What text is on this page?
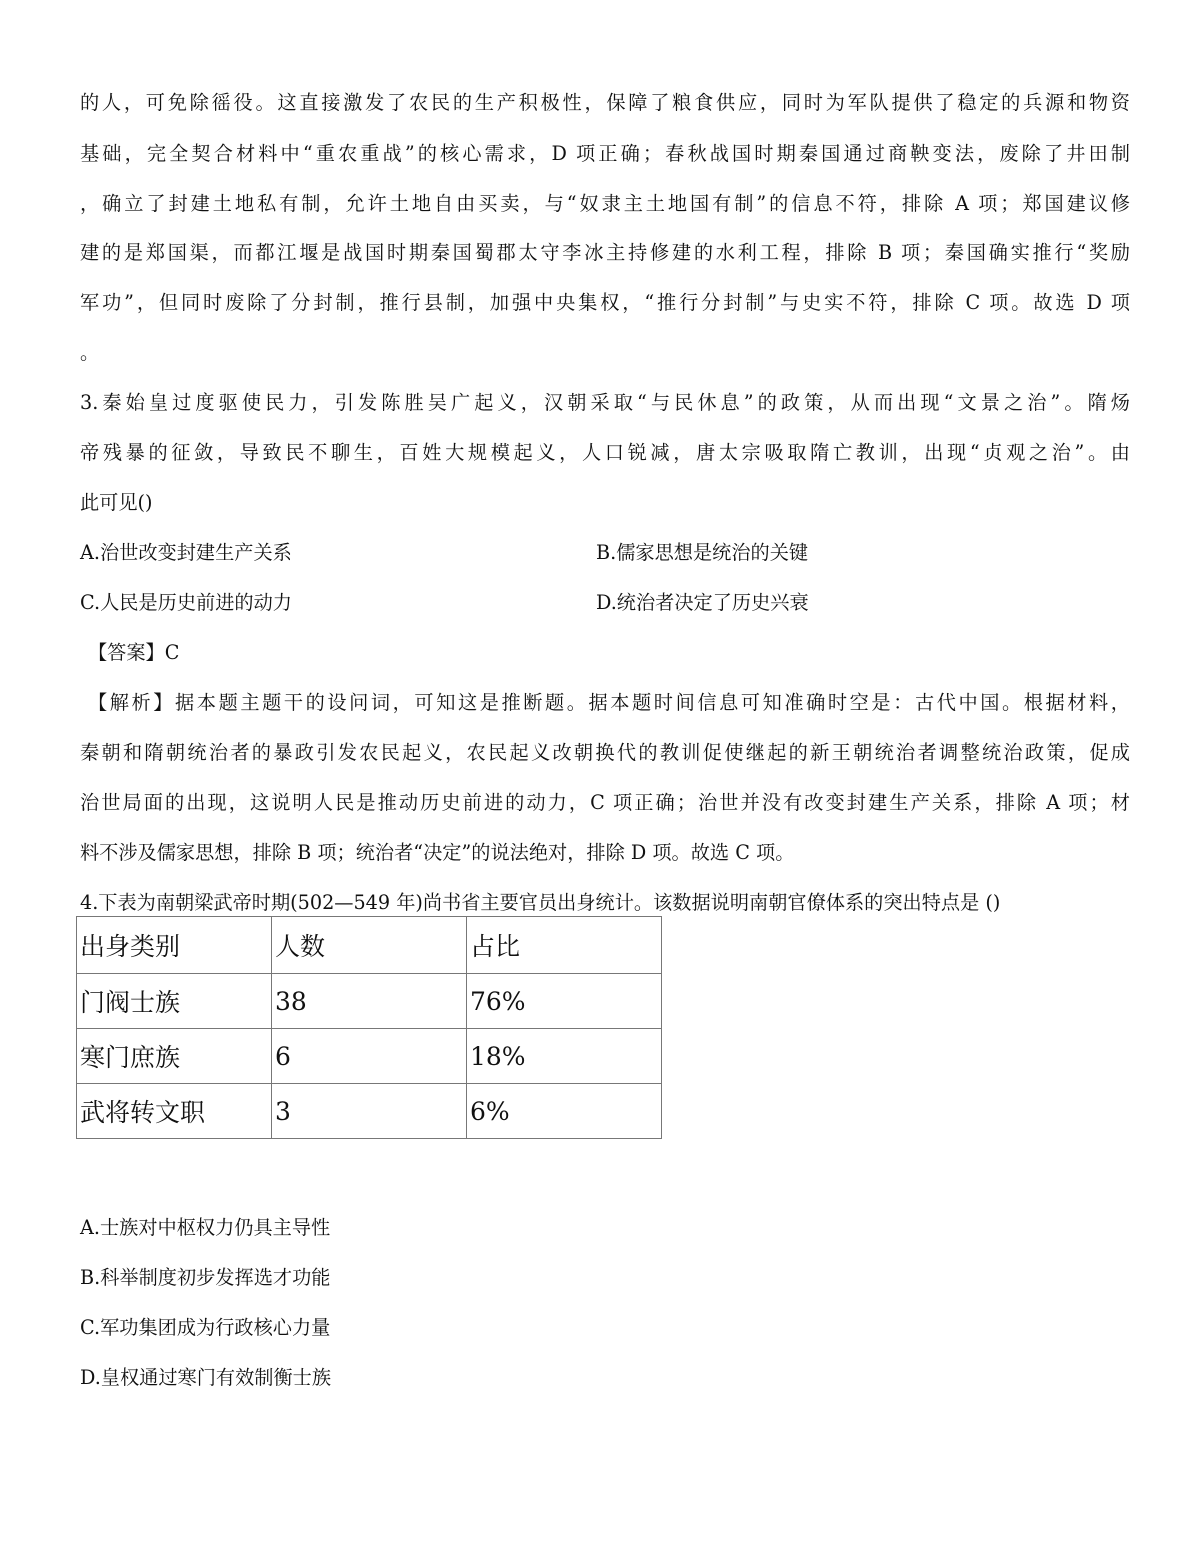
的人，可免除徭役。这直接激发了农民的生产积极性，保障了粮食供应，同时为军队提供了稳定的兵源和物资
基础，完全契合材料中“重农重战”的核心需求，D 项正确；春秋战国时期秦国通过商鞅变法，废除了井田制
，确立了封建土地私有制，允许土地自由买卖，与“奴隶主土地国有制”的信息不符，排除 A 项；郑国建议修
建的是郑国渠，而都江堰是战国时期秦国蜀郡太守李冰主持修建的水利工程，排除 B 项；秦国确实推行“奖励
军功”，但同时废除了分封制，推行县制，加强中央集权，“推行分封制”与史实不符，排除 C 项。故选 D 项
。
3.秦始皇过度驱使民力，引发陈胜吴广起义，汉朝采取“与民休息”的政策，从而出现“文景之治”。隋炀
帝残暴的征敛，导致民不聊生，百姓大规模起义，人口锐减，唐太宗吸取隋亡教训，出现“贞观之治”。由
此可见()
A.治世改变封建生产关系	B.儒家思想是统治的关键
C.人民是历史前进的动力	D.统治者决定了历史兴衰
【答案】C
【解析】据本题主题干的设问词，可知这是推断题。据本题时间信息可知准确时空是：古代中国。根据材料，
秦朝和隋朝统治者的暴政引发农民起义，农民起义改朝换代的教训促使继起的新王朝统治者调整统治政策，促成
治世局面的出现，这说明人民是推动历史前进的动力，C 项正确；治世并没有改变封建生产关系，排除 A 项；材
料不涉及儒家思想，排除 B 项；统治者“决定”的说法绝对，排除 D 项。故选 C 项。
4.下表为南朝梁武帝时期(502—549 年)尚书省主要官员出身统计。该数据说明南朝官僚体系的突出特点是 ()
出身类别	人数	占比
门阀士族	38	76%
寒门庶族	6	18%
武将转文职	3	6%
A.士族对中枢权力仍具主导性
B.科举制度初步发挥选才功能
C.军功集团成为行政核心力量
D.皇权通过寒门有效制衡士族
